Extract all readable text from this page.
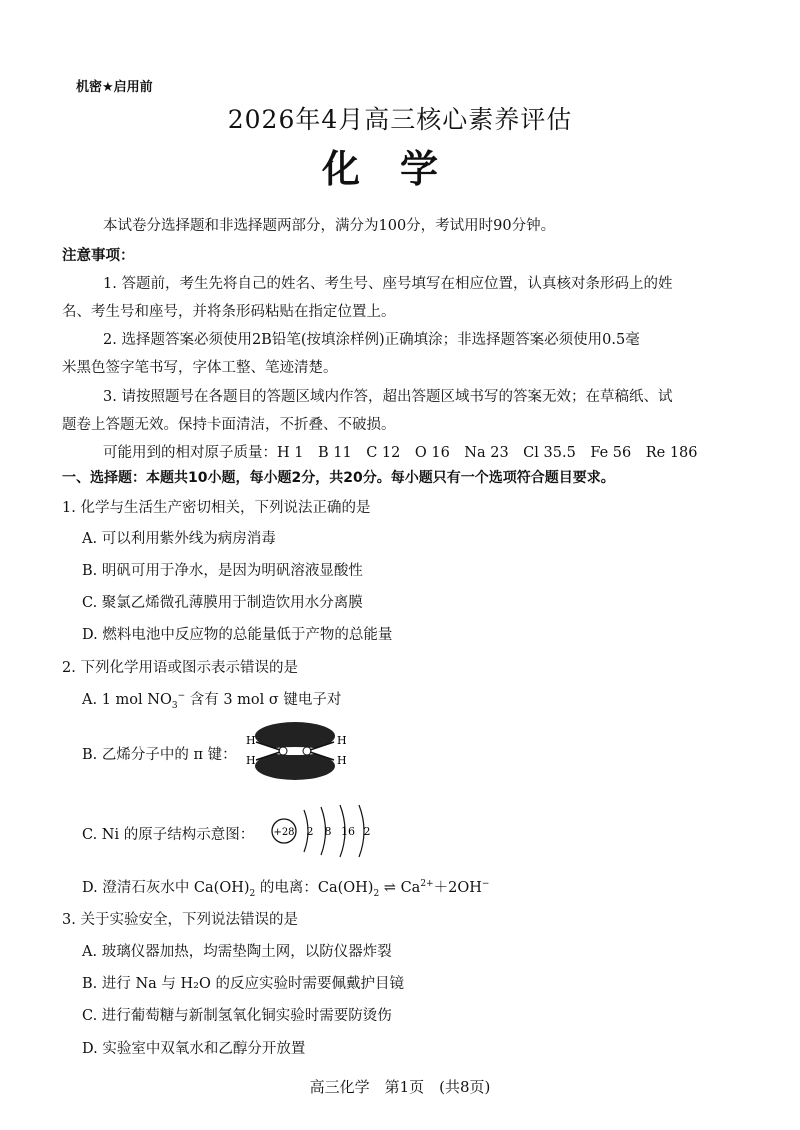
机密★启用前
2026年4月高三核心素养评估
化学
本试卷分选择题和非选择题两部分，满分为100分，考试用时90分钟。
注意事项：
1. 答题前，考生先将自己的姓名、考生号、座号填写在相应位置，认真核对条形码上的姓
名、考生号和座号，并将条形码粘贴在指定位置上。
2. 选择题答案必须使用2B铅笔(按填涂样例)正确填涂；非选择题答案必须使用0.5毫
米黑色签字笔书写，字体工整、笔迹清楚。
3. 请按照题号在各题目的答题区域内作答，超出答题区域书写的答案无效；在草稿纸、试
题卷上答题无效。保持卡面清洁，不折叠、不破损。
可能用到的相对原子质量：H 1　B 11　C 12　O 16　Na 23　Cl 35.5　Fe 56　Re 186
一、选择题：本题共10小题，每小题2分，共20分。每小题只有一个选项符合题目要求。
1. 化学与生活生产密切相关，下列说法正确的是
A. 可以利用紫外线为病房消毒
B. 明矾可用于净水，是因为明矾溶液显酸性
C. 聚氯乙烯微孔薄膜用于制造饮用水分离膜
D. 燃料电池中反应物的总能量低于产物的总能量
2. 下列化学用语或图示表示错误的是
A. 1 mol $NO_3^-$ 含有 3 mol σ 键电子对
B. 乙烯分子中的 π 键：
H
H
H
H
C. Ni 的原子结构示意图： +28 2 8 16 2
D. 澄清石灰水中 $Ca(OH)_2$ 的电离：$Ca(OH)_2$ ⇌ $Ca^{2+}+2OH^-$
3. 关于实验安全，下列说法错误的是
A. 玻璃仪器加热，均需垫陶土网，以防仪器炸裂
B. 进行 Na 与 H₂O 的反应实验时需要佩戴护目镜
C. 进行葡萄糖与新制氢氧化铜实验时需要防烫伤
D. 实验室中双氧水和乙醇分开放置
高三化学　第1页　(共8页)
